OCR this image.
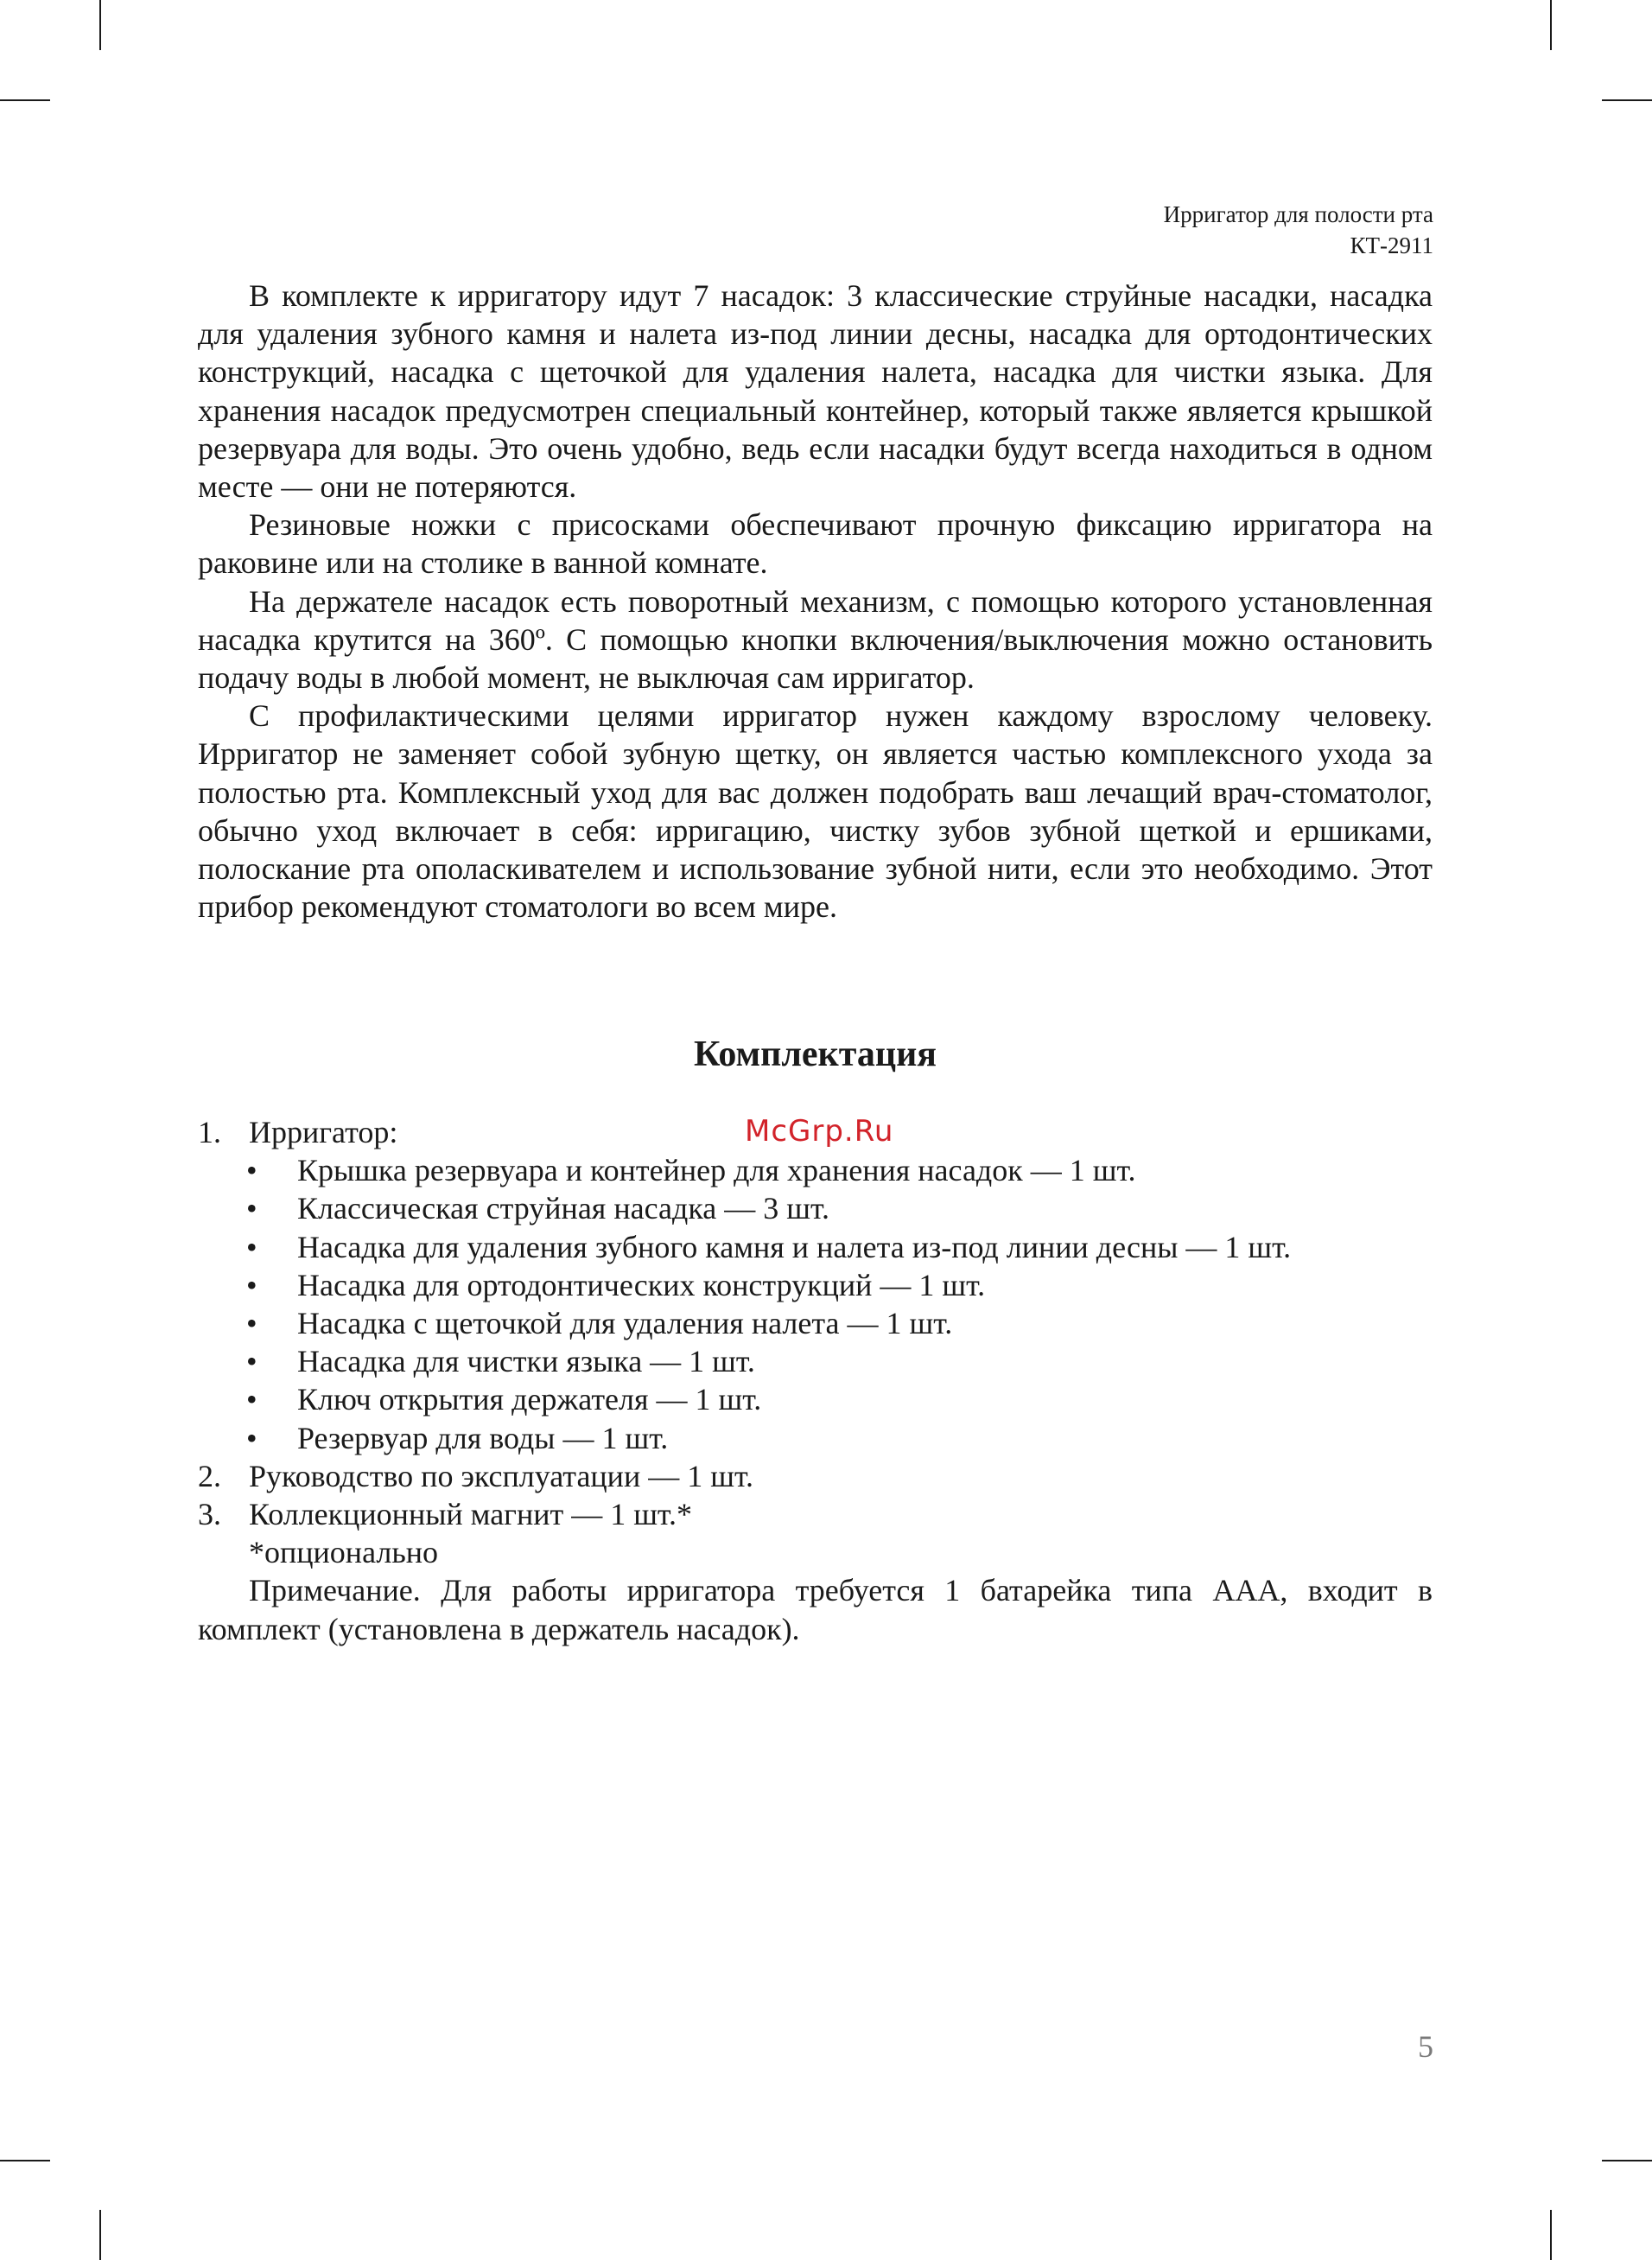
Ирригатор для полости рта
КТ-2911

В комплекте к ирригатору идут 7 насадок: 3 классические струйные насадки, насадка для удаления зубного камня и налета из-под линии десны, насадка для ортодонтических конструкций, насадка с щеточкой для удаления налета, насадка для чистки языка. Для хранения насадок предусмотрен специальный контейнер, который также является крышкой резервуара для воды. Это очень удобно, ведь если насадки будут всегда находиться в одном месте — они не потеряются.

Резиновые ножки с присосками обеспечивают прочную фиксацию ирригатора на раковине или на столике в ванной комнате.

На держателе насадок есть поворотный механизм, с помощью которого установленная насадка крутится на 360º. С помощью кнопки включения/выключения можно остановить подачу воды в любой момент, не выключая сам ирригатор.

С профилактическими целями ирригатор нужен каждому взрослому человеку. Ирригатор не заменяет собой зубную щетку, он является частью комплексного ухода за полостью рта. Комплексный уход для вас должен подобрать ваш лечащий врач-стоматолог, обычно уход включает в себя: ирригацию, чистку зубов зубной щеткой и ершиками, полоскание рта ополаскивателем и использование зубной нити, если это необходимо. Этот прибор рекомендуют стоматологи во всем мире.

Комплектация
McGrp.Ru
1. Ирригатор:
•	Крышка резервуара и контейнер для хранения насадок — 1 шт.
•	Классическая струйная насадка — 3 шт.
•	Насадка для удаления зубного камня и налета из-под линии десны — 1 шт.
•	Насадка для ортодонтических конструкций — 1 шт.
•	Насадка с щеточкой для удаления налета — 1 шт.
•	Насадка для чистки языка — 1 шт.
•	Ключ открытия держателя — 1 шт.
•	Резервуар для воды — 1 шт.
2. Руководство по эксплуатации — 1 шт.
3. Коллекционный магнит — 1 шт.*
*опционально
Примечание. Для работы ирригатора требуется 1 батарейка типа ААА, входит в комплект (установлена в держатель насадок).
5
